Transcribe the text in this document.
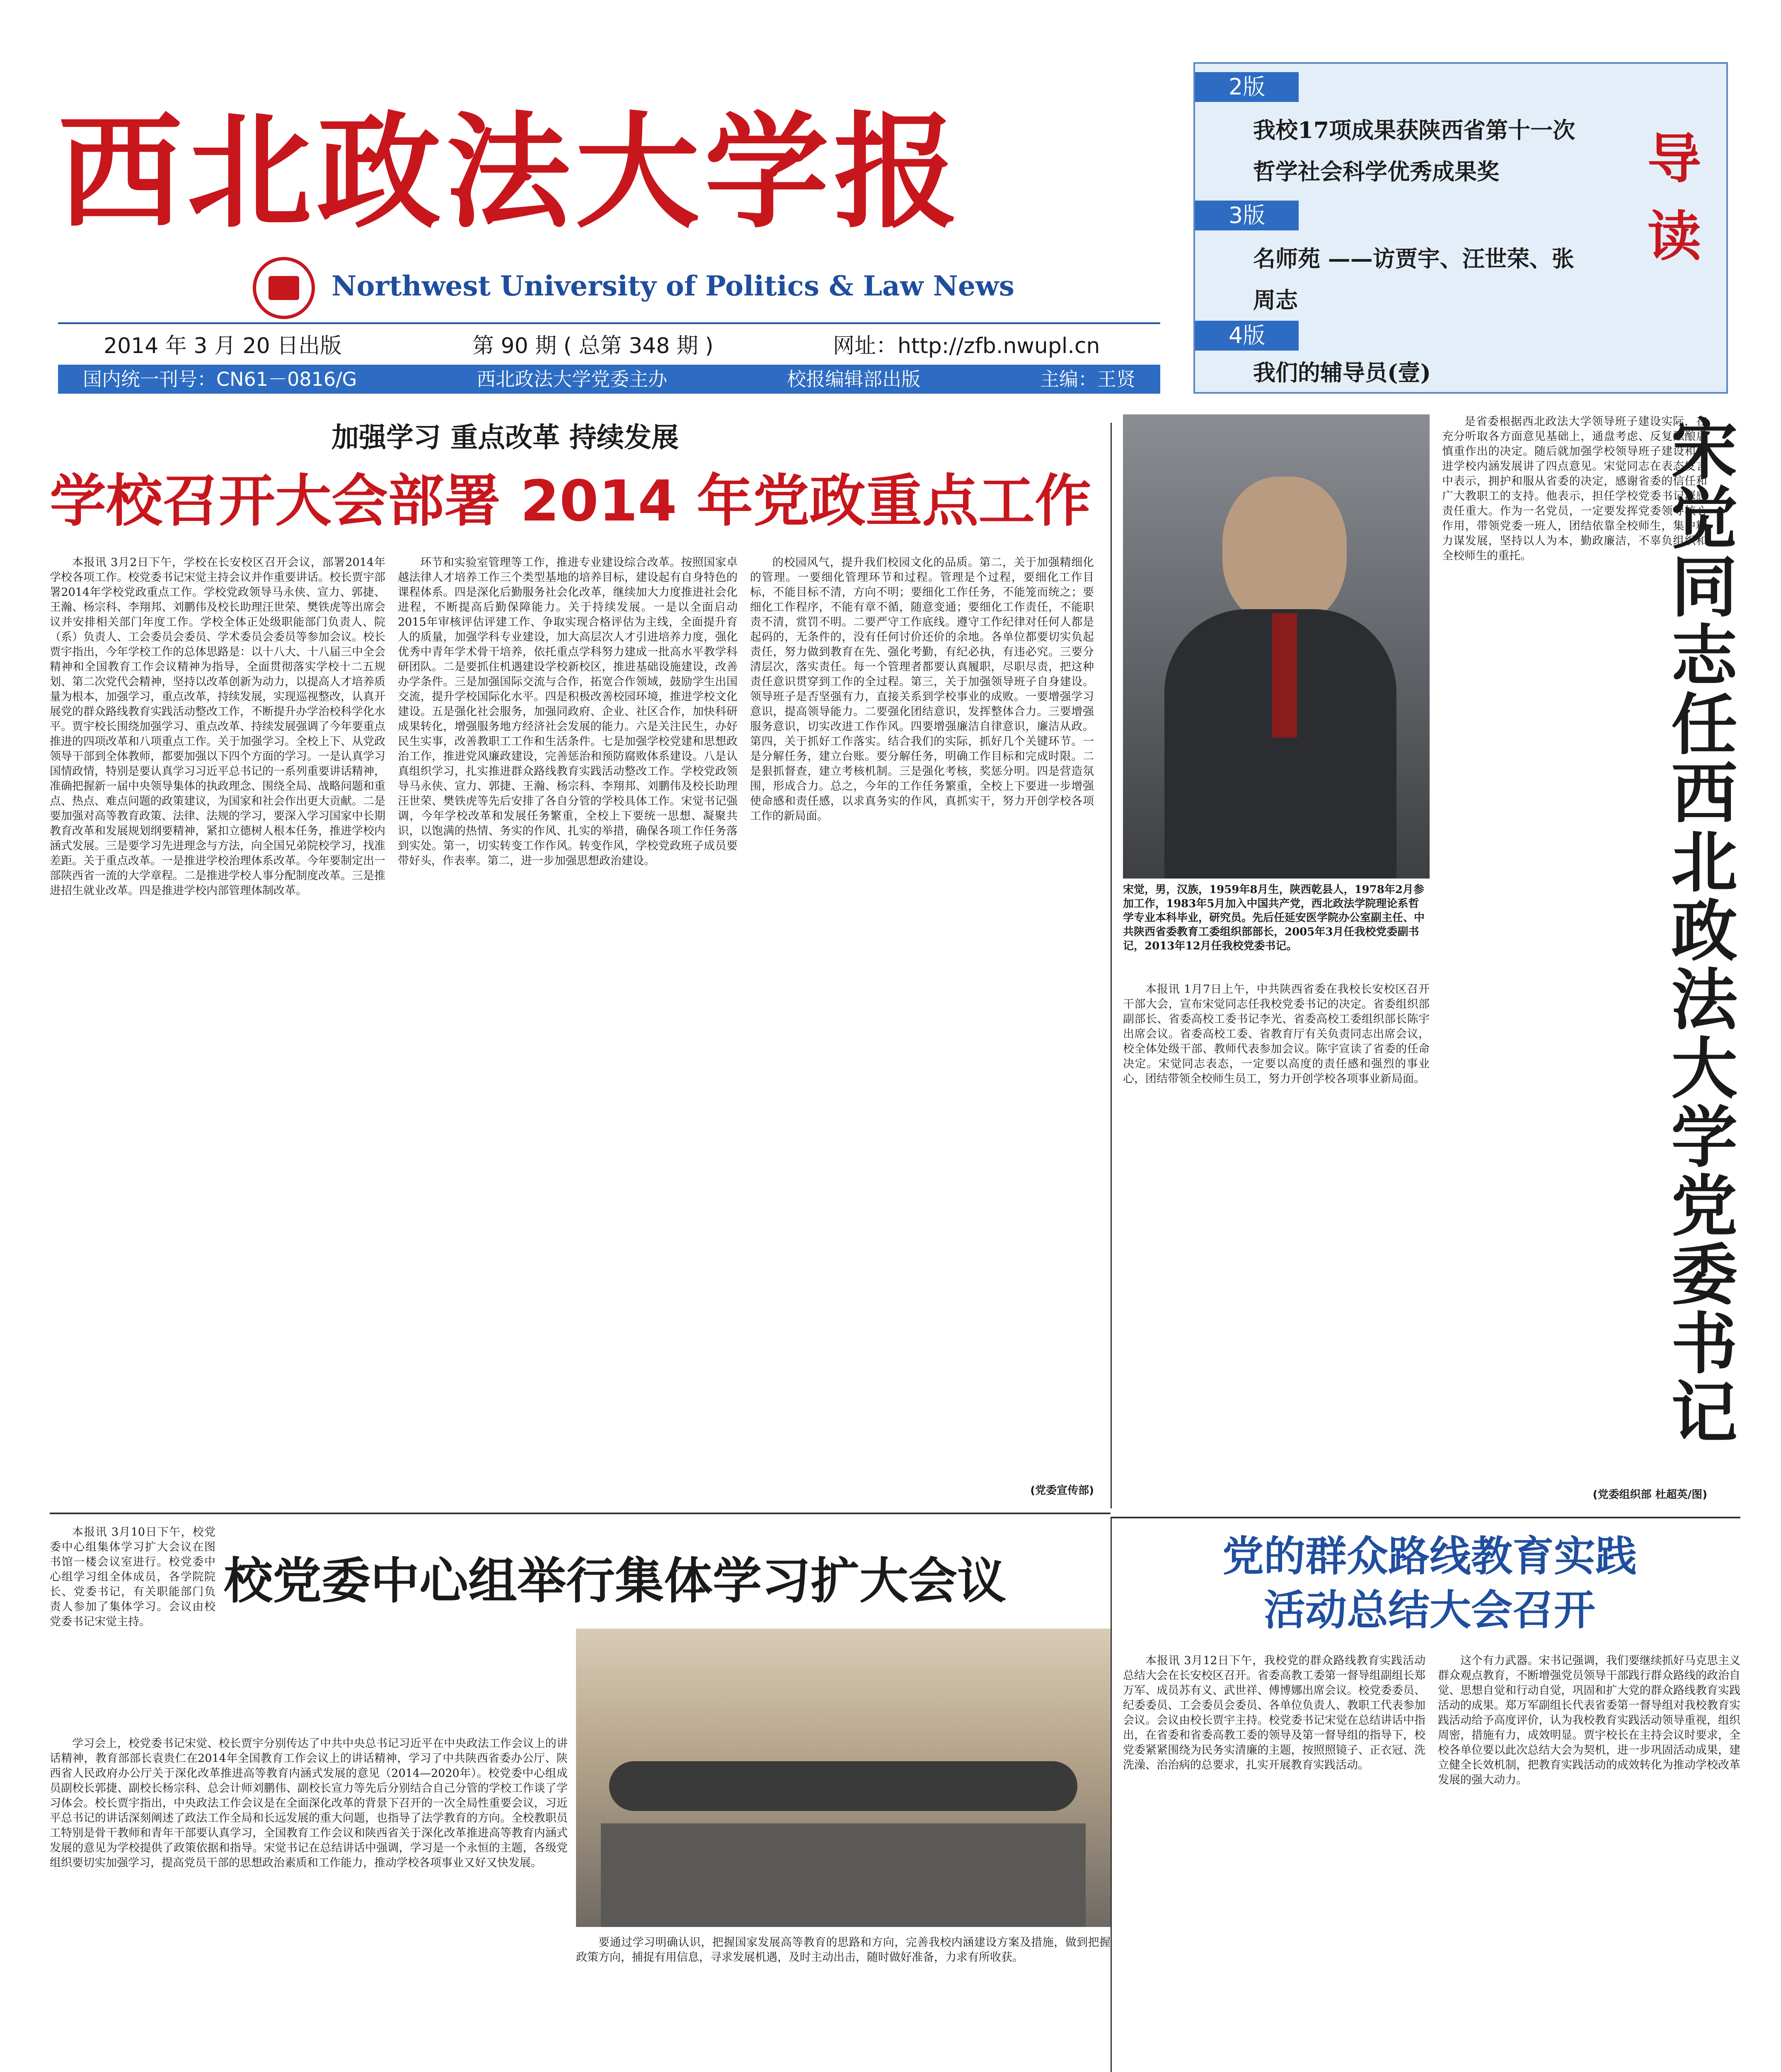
西北政法大学报
Northwest University of Politics & Law News
2014 年 3 月 20 日出版	第 90 期 ( 总第 348 期 )	网址：http://zfb.nwupl.cn
国内统一刊号：CN61－0816/G	西北政法大学党委主办	校报编辑部出版	主编：王贤
2版
我校17项成果获陕西省第十一次哲学社会科学优秀成果奖
3版
名师苑 ——访贾宇、汪世荣、张周志
4版
我们的辅导员(壹)
导 读
加强学习 重点改革 持续发展
学校召开大会部署 2014 年党政重点工作

本报讯 3月2日下午，学校在长安校区召开会议，部署2014年学校各项工作。校党委书记宋觉主持会议并作重要讲话。校长贾宇部署2014年学校党政重点工作。学校党政领导马永侠、宣力、郭捷、王瀚、杨宗科、李翔邦、刘鹏伟及校长助理汪世荣、樊铁虎等出席会议并安排相关部门年度工作。学校全体正处级职能部门负责人、院（系）负责人、工会委员会委员、学术委员会委员等参加会议。校长贾宇指出，今年学校工作的总体思路是：以十八大、十八届三中全会精神和全国教育工作会议精神为指导，全面贯彻落实学校十二五规划、第二次党代会精神，坚持以改革创新为动力，以提高人才培养质量为根本，加强学习，重点改革，持续发展，实现巡视整改，认真开展党的群众路线教育实践活动整改工作，不断提升办学治校科学化水平。贾宇校长围绕加强学习、重点改革、持续发展强调了今年要重点推进的四项改革和八项重点工作。关于加强学习。全校上下、从党政领导干部到全体教师，都要加强以下四个方面的学习。一是认真学习国情政情，特别是要认真学习习近平总书记的一系列重要讲话精神，准确把握新一届中央领导集体的执政理念、围绕全局、战略问题和重点、热点、难点问题的政策建议，为国家和社会作出更大贡献。二是要加强对高等教育政策、法律、法规的学习，要深入学习国家中长期教育改革和发展规划纲要精神，紧扣立德树人根本任务，推进学校内涵式发展。三是要学习先进理念与方法，向全国兄弟院校学习，找准差距。关于重点改革。一是推进学校治理体系改革。今年要制定出一部陕西省一流的大学章程。二是推进学校人事分配制度改革。三是推进招生就业改革。四是推进学校内部管理体制改革。

环节和实验室管理等工作，推进专业建设综合改革。按照国家卓越法律人才培养工作三个类型基地的培养目标，建设起有自身特色的课程体系。四是深化后勤服务社会化改革，继续加大力度推进社会化进程，不断提高后勤保障能力。关于持续发展。一是以全面启动2015年审核评估评建工作、争取实现合格评估为主线，全面提升育人的质量，加强学科专业建设，加大高层次人才引进培养力度，强化优秀中青年学术骨干培养，依托重点学科努力建成一批高水平教学科研团队。二是要抓住机遇建设学校新校区，推进基础设施建设，改善办学条件。三是加强国际交流与合作，拓宽合作领域，鼓励学生出国交流，提升学校国际化水平。四是积极改善校园环境，推进学校文化建设。五是强化社会服务，加强同政府、企业、社区合作，加快科研成果转化，增强服务地方经济社会发展的能力。六是关注民生，办好民生实事，改善教职工工作和生活条件。七是加强学校党建和思想政治工作，推进党风廉政建设，完善惩治和预防腐败体系建设。八是认真组织学习，扎实推进群众路线教育实践活动整改工作。学校党政领导马永侠、宣力、郭捷、王瀚、杨宗科、李翔邦、刘鹏伟及校长助理汪世荣、樊铁虎等先后安排了各自分管的学校具体工作。宋觉书记强调，今年学校改革和发展任务繁重，全校上下要统一思想、凝聚共识，以饱满的热情、务实的作风、扎实的举措，确保各项工作任务落到实处。第一，切实转变工作作风。转变作风，学校党政班子成员要带好头，作表率。第二，进一步加强思想政治建设。

的校园风气，提升我们校园文化的品质。第二，关于加强精细化的管理。一要细化管理环节和过程。管理是个过程，要细化工作目标，不能目标不清，方向不明；要细化工作任务，不能笼而统之；要细化工作程序，不能有章不循，随意变通；要细化工作责任，不能职责不清，赏罚不明。二要严守工作底线。遵守工作纪律对任何人都是起码的，无条件的，没有任何讨价还价的余地。各单位都要切实负起责任，努力做到教育在先、强化考勤，有纪必执，有违必究。三要分清层次，落实责任。每一个管理者都要认真履职，尽职尽责，把这种责任意识贯穿到工作的全过程。第三，关于加强领导班子自身建设。领导班子是否坚强有力，直接关系到学校事业的成败。一要增强学习意识，提高领导能力。二要强化团结意识，发挥整体合力。三要增强服务意识，切实改进工作作风。四要增强廉洁自律意识，廉洁从政。第四，关于抓好工作落实。结合我们的实际，抓好几个关键环节。一是分解任务，建立台账。要分解任务，明确工作目标和完成时限。二是狠抓督查，建立考核机制。三是强化考核，奖惩分明。四是营造氛围，形成合力。总之，今年的工作任务繁重，全校上下要进一步增强使命感和责任感，以求真务实的作风，真抓实干，努力开创学校各项工作的新局面。

(党委宣传部)
宋觉，男，汉族，1959年8月生，陕西乾县人，1978年2月参加工作，1983年5月加入中国共产党，西北政法学院理论系哲学专业本科毕业，研究员。先后任延安医学院办公室副主任、中共陕西省委教育工委组织部部长，2005年3月任我校党委副书记，2013年12月任我校党委书记。

本报讯 1月7日上午，中共陕西省委在我校长安校区召开干部大会，宣布宋觉同志任我校党委书记的决定。省委组织部副部长、省委高校工委书记李光、省委高校工委组织部长陈宇出席会议。省委高校工委、省教育厅有关负责同志出席会议，校全体处级干部、教师代表参加会议。陈宇宣读了省委的任命决定。宋觉同志表态，一定要以高度的责任感和强烈的事业心，团结带领全校师生员工，努力开创学校各项事业新局面。

是省委根据西北政法大学领导班子建设实际，在充分听取各方面意见基础上，通盘考虑、反复酝酿后慎重作出的决定。随后就加强学校领导班子建设和推进学校内涵发展讲了四点意见。宋觉同志在表态发言中表示，拥护和服从省委的决定，感谢省委的信任和广大教职工的支持。他表示，担任学校党委书记深感责任重大。作为一名党员，一定要发挥党委领导核心作用，带领党委一班人，团结依靠全校师生，集中精力谋发展，坚持以人为本，勤政廉洁，不辜负组织和全校师生的重托。

(党委组织部 杜超英/图)
宋觉同志任西北政法大学党委书记
党的群众路线教育实践
活动总结大会召开

本报讯 3月12日下午，我校党的群众路线教育实践活动总结大会在长安校区召开。省委高教工委第一督导组副组长郑万军、成员苏有义、武世祥、傅博娜出席会议。校党委委员、纪委委员、工会委员会委员、各单位负责人、教职工代表参加会议。会议由校长贾宇主持。校党委书记宋觉在总结讲话中指出，在省委和省委高教工委的领导及第一督导组的指导下，校党委紧紧围绕为民务实清廉的主题，按照照镜子、正衣冠、洗洗澡、治治病的总要求，扎实开展教育实践活动。

这个有力武器。宋书记强调，我们要继续抓好马克思主义群众观点教育，不断增强党员领导干部践行群众路线的政治自觉、思想自觉和行动自觉，巩固和扩大党的群众路线教育实践活动的成果。郑万军副组长代表省委第一督导组对我校教育实践活动给予高度评价，认为我校教育实践活动领导重视，组织周密，措施有力，成效明显。贾宇校长在主持会议时要求，全校各单位要以此次总结大会为契机，进一步巩固活动成果，建立健全长效机制，把教育实践活动的成效转化为推动学校改革发展的强大动力。

本报讯 3月10日下午，校党委中心组集体学习扩大会议在图书馆一楼会议室进行。校党委中心组学习组全体成员，各学院院长、党委书记，有关职能部门负责人参加了集体学习。会议由校党委书记宋觉主持。

校党委中心组举行集体学习扩大会议

学习会上，校党委书记宋觉、校长贾宇分别传达了中共中央总书记习近平在中央政法工作会议上的讲话精神，教育部部长袁贵仁在2014年全国教育工作会议上的讲话精神，学习了中共陕西省委办公厅、陕西省人民政府办公厅关于深化改革推进高等教育内涵式发展的意见（2014—2020年）。校党委中心组成员副校长郭捷、副校长杨宗科、总会计师刘鹏伟、副校长宣力等先后分别结合自己分管的学校工作谈了学习体会。校长贾宇指出，中央政法工作会议是在全面深化改革的背景下召开的一次全局性重要会议，习近平总书记的讲话深刻阐述了政法工作全局和长远发展的重大问题，也指导了法学教育的方向。全校教职员工特别是骨干教师和青年干部要认真学习，全国教育工作会议和陕西省关于深化改革推进高等教育内涵式发展的意见为学校提供了政策依据和指导。宋觉书记在总结讲话中强调，学习是一个永恒的主题，各级党组织要切实加强学习，提高党员干部的思想政治素质和工作能力，推动学校各项事业又好又快发展。

要通过学习明确认识，把握国家发展高等教育的思路和方向，完善我校内涵建设方案及措施，做到把握政策方向，捕捉有用信息，寻求发展机遇，及时主动出击，随时做好准备，力求有所收获。
